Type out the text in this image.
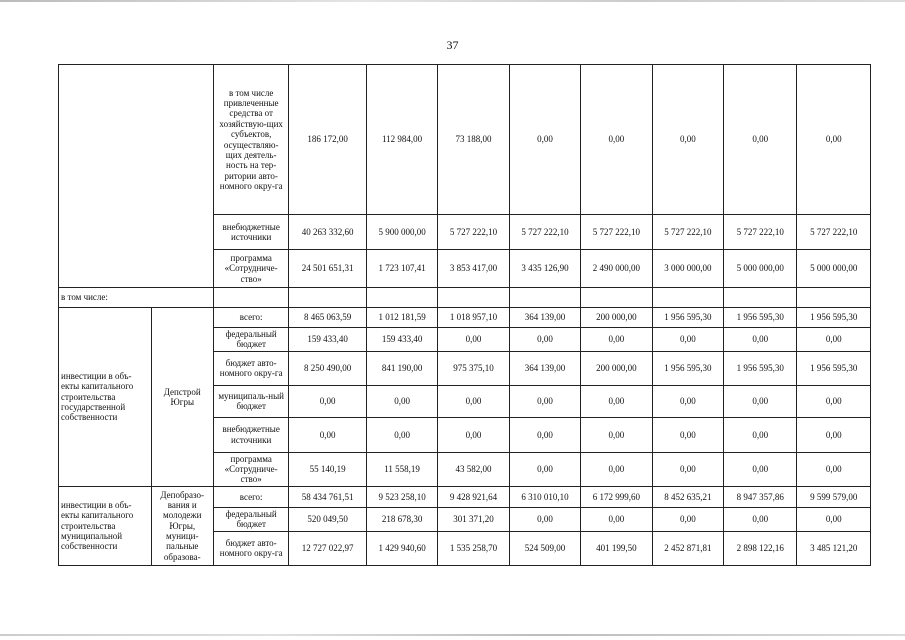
37
		в том числе привлеченные средства от хозяйствую-щих субъектов, осуществляю-щих деятель-ность на тер-ритории авто-номного окру-га	186 172,00	112 984,00	73 188,00	0,00	0,00	0,00	0,00	0,00
		внебюджетные источники	40 263 332,60	5 900 000,00	5 727 222,10	5 727 222,10	5 727 222,10	5 727 222,10	5 727 222,10	5 727 222,10
		программа «Сотрудниче-ство»	24 501 651,31	1 723 107,41	3 853 417,00	3 435 126,90	2 490 000,00	3 000 000,00	5 000 000,00	5 000 000,00
в том числе:										
инвестиции в объ-екты капитального строительства государственной собственности	Депстрой Югры	всего:	8 465 063,59	1 012 181,59	1 018 957,10	364 139,00	200 000,00	1 956 595,30	1 956 595,30	1 956 595,30
		федеральный бюджет	159 433,40	159 433,40	0,00	0,00	0,00	0,00	0,00	0,00
		бюджет авто-номного окру-га	8 250 490,00	841 190,00	975 375,10	364 139,00	200 000,00	1 956 595,30	1 956 595,30	1 956 595,30
		муниципаль-ный бюджет	0,00	0,00	0,00	0,00	0,00	0,00	0,00	0,00
		внебюджетные источники	0,00	0,00	0,00	0,00	0,00	0,00	0,00	0,00
		программа «Сотрудниче-ство»	55 140,19	11 558,19	43 582,00	0,00	0,00	0,00	0,00	0,00
инвестиции в объ-екты капитального строительства муниципальной собственности	Депобразо-вания и молодежи Югры, муници-пальные образова-	всего:	58 434 761,51	9 523 258,10	9 428 921,64	6 310 010,10	6 172 999,60	8 452 635,21	8 947 357,86	9 599 579,00
		федеральный бюджет	520 049,50	218 678,30	301 371,20	0,00	0,00	0,00	0,00	0,00
		бюджет авто-номного окру-га	12 727 022,97	1 429 940,60	1 535 258,70	524 509,00	401 199,50	2 452 871,81	2 898 122,16	3 485 121,20
